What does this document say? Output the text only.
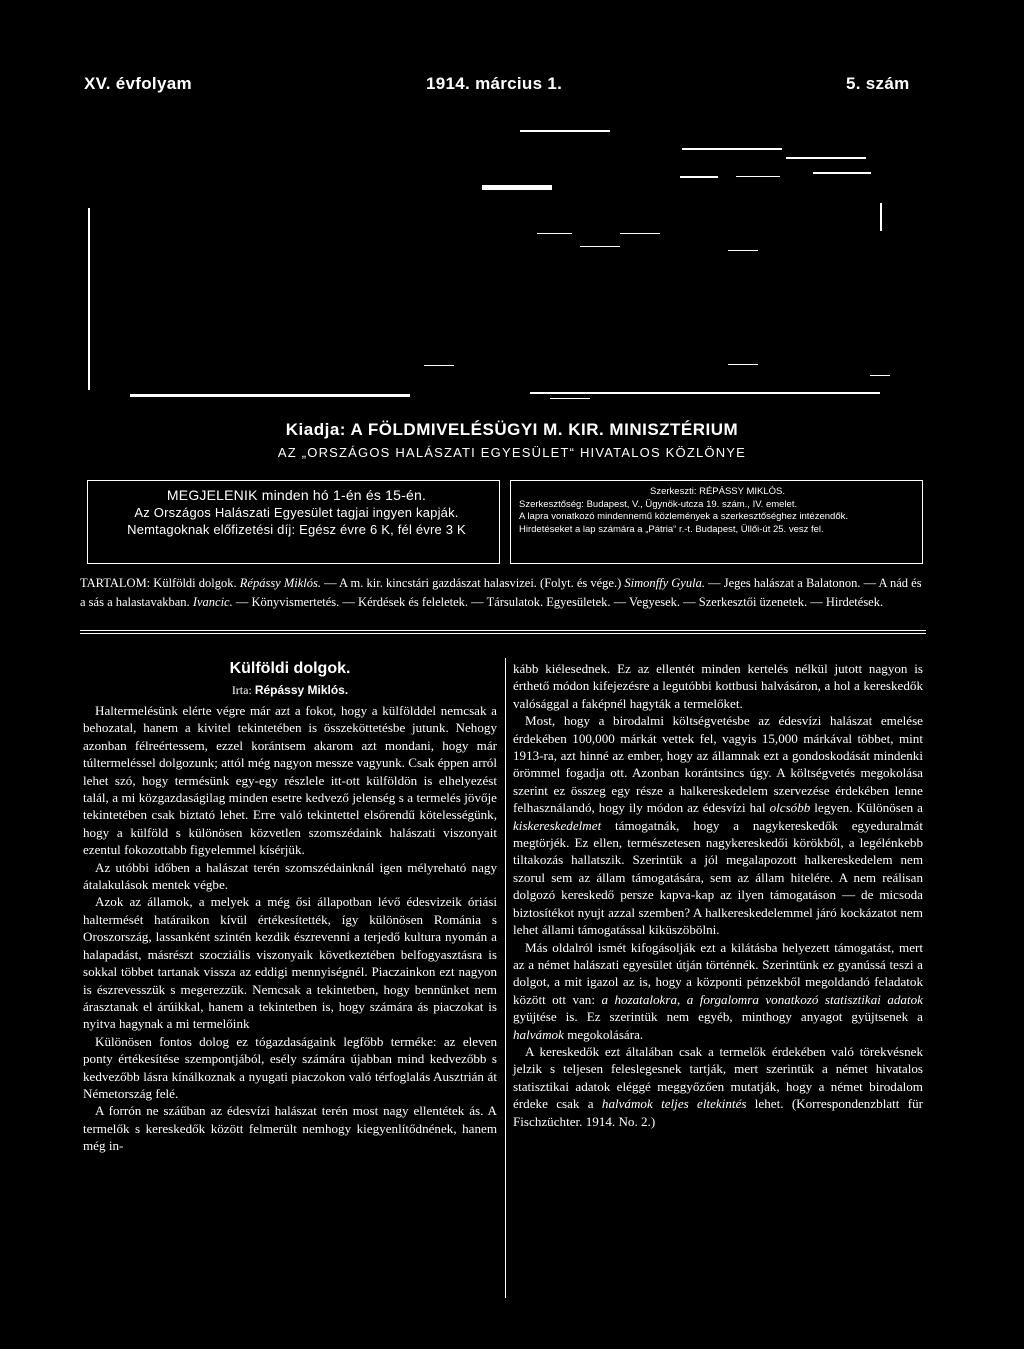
XV. évfolyam	1914. március 1.	5. szám
Kiadja: A FÖLDMIVELÉSÜGYI M. KIR. MINISZTÉRIUM
AZ „ORSZÁGOS HALÁSZATI EGYESÜLET“ HIVATALOS KÖZLÖNYE
MEGJELENIK minden hó 1-én és 15-én.
Az Országos Halászati Egyesület tagjai ingyen kapják.
Nemtagoknak előfizetési díj: Egész évre 6 K, fél évre 3 K
Szerkeszti: RÉPÁSSY MIKLÓS.
Szerkesztőség: Budapest, V., Ügynök-utcza 19. szám., IV. emelet.
A lapra vonatkozó mindennemű közlemények a szerkesztőséghez intézendők.
Hirdetéseket a lap számára a „Pátria“ r.-t. Budapest, Üllői-út 25. vesz fel.

TARTALOM: Külföldi dolgok. Répássy Miklós. — A m. kir. kincstári gazdászat halasvizei. (Folyt. és vége.) Simonffy Gyula. — Jeges halászat a Balatonon. — A nád és a sás a halastavakban. Ivancic. — Könyvismertetés. — Kérdések és feleletek. — Társulatok. Egyesületek. — Vegyesek. — Szerkesztői üzenetek. — Hirdetések.

Külföldi dolgok.
Irta: Répássy Miklós.

Haltermelésünk elérte végre már azt a fokot, hogy a külfölddel nemcsak a behozatal, hanem a kivitel tekintetében is összeköttetésbe jutunk. Nehogy azonban félreértessem, ezzel korántsem akarom azt mondani, hogy már túltermeléssel dolgozunk; attól még nagyon messze vagyunk. Csak éppen arról lehet szó, hogy termésünk egy-egy részlele itt-ott külföldön is elhelyezést talál, a mi közgazdaságilag minden esetre kedvező jelenség s a termelés jövője tekintetében csak biztató lehet. Erre való tekintettel elsőrendű kötelességünk, hogy a külföld s különösen közvetlen szomszédaink halászati viszonyait ezentul fokozottabb figyelemmel kísérjük.

Az utóbbi időben a halászat terén szomszédainknál igen mélyreható nagy átalakulások mentek végbe.

Azok az államok, a melyek a még ősi állapotban lévő édesvizeik óriási haltermését határaikon kívül értékesítették, így különösen Románia s Oroszország, lassanként szintén kezdik észrevenni a terjedő kultura nyomán a halapadást, másrészt szocziális viszonyaik következtében belfogyasztásra is sokkal többet tartanak vissza az eddigi mennyiségnél. Piaczainkon ezt nagyon is észrevesszük s megerezzük. Nemcsak a tekintetben, hogy bennünket nem árasztanak el árúikkal, hanem a tekintetben is, hogy számára ás piaczokat is nyitva hagynak a mi termelőink

Különösen fontos dolog ez tógazdaságaink legfőbb terméke: az eleven ponty értékesítése szempontjából, esély számára újabban mind kedvezőbb s kedvezőbb lásra kínálkoznak a nyugati piaczokon való térfoglalás Ausztrián át Németország felé.

A forrón ne száűban az édesvízi halászat terén most nagy ellentétek ás. A termelők s kereskedők között felmerült nemhogy kiegyenlítődnének, hanem még in-

kább kiélesednek. Ez az ellentét minden kertelés nélkül jutott nagyon is érthető módon kifejezésre a legutóbbi kottbusi halvásáron, a hol a kereskedők valósággal a faképnél hagyták a termelőket.

Most, hogy a birodalmi költségvetésbe az édesvízi halászat emelése érdekében 100,000 márkát vettek fel, vagyis 15,000 márkával többet, mint 1913-ra, azt hinné az ember, hogy az államnak ezt a gondoskodását mindenki örömmel fogadja ott. Azonban korántsincs úgy. A költségvetés megokolása szerint ez összeg egy része a halkereskedelem szervezése érdekében lenne felhasználandó, hogy ily módon az édesvízi hal olcsóbb legyen. Különösen a kiskereskedelmet támogatnák, hogy a nagykereskedők egyeduralmát megtörjék. Ez ellen, természetesen nagykereskedői körökből, a legélénkebb tiltakozás hallatszik. Szerintük a jól megalapozott halkereskedelem nem szorul sem az állam támogatására, sem az állam hitelére. A nem reálisan dolgozó kereskedő persze kapva-kap az ilyen támogatáson — de micsoda biztosítékot nyujt azzal szemben? A halkereskedelemmel járó kockázatot nem lehet állami támogatással kiküszöbölni.

Más oldalról ismét kifogásolják ezt a kilátásba helyezett támogatást, mert az a német halászati egyesület útján történnék. Szerintünk ez gyanússá teszi a dolgot, a mit igazol az is, hogy a központi pénzekből megoldandó feladatok között ott van: a hozatalokra, a forgalomra vonatkozó statisztikai adatok gyüjtése is. Ez szerintük nem egyéb, minthogy anyagot gyüjtsenek a halvámok megokolására.

A kereskedők ezt általában csak a termelők érdekében való törekvésnek jelzik s teljesen feleslegesnek tartják, mert szerintük a német hivatalos statisztikai adatok eléggé meggyőzően mutatják, hogy a német birodalom érdeke csak a halvámok teljes eltekintés lehet. (Korrespondenzblatt für Fischzüchter. 1914. No. 2.)
